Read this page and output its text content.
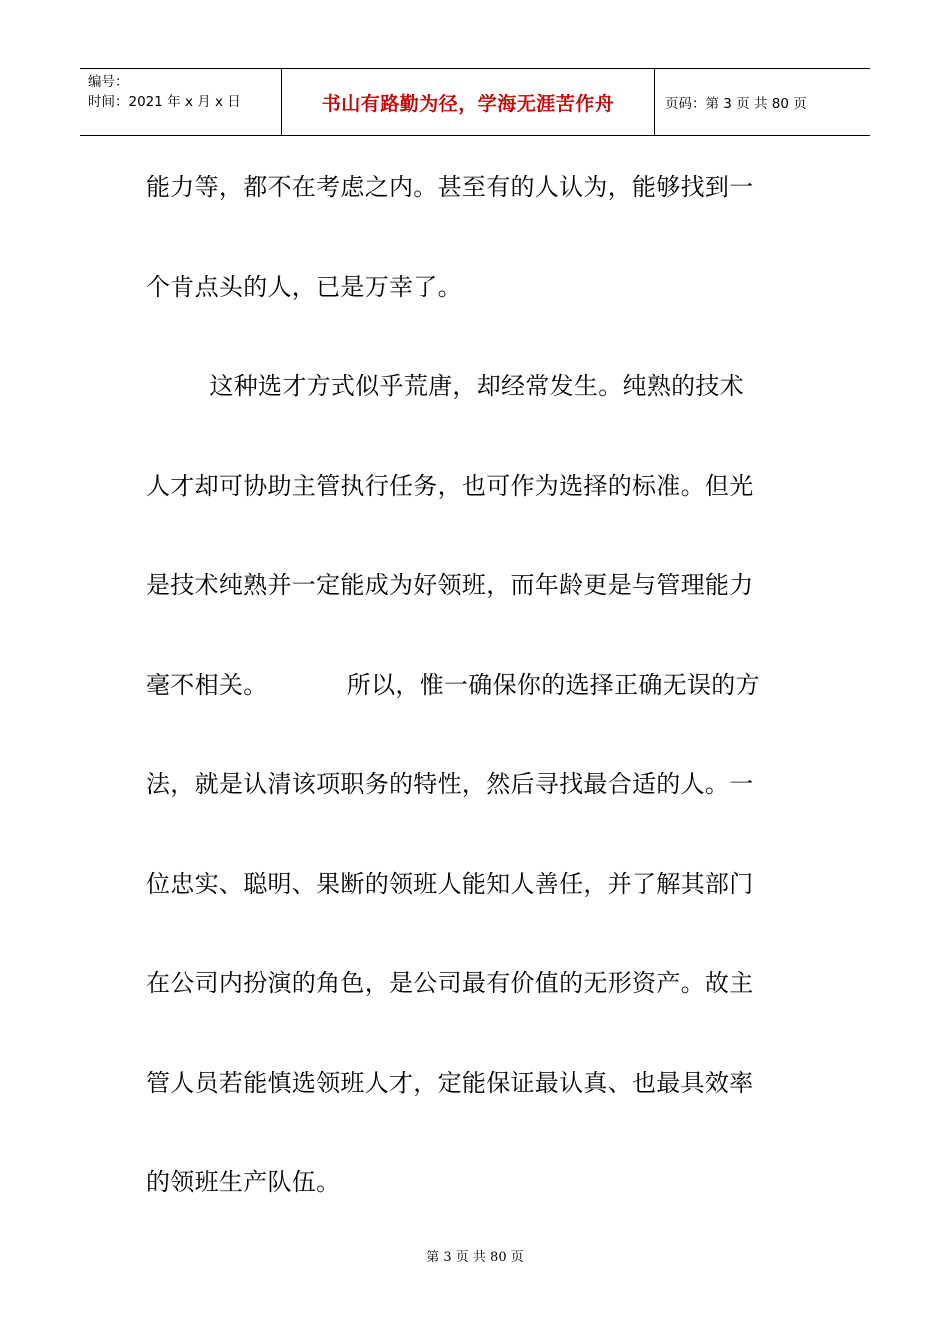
编号：
时间：2021 年 x 月 x 日	书山有路勤为径，学海无涯苦作舟	页码：第 3 页 共 80 页
能力等，都不在考虑之内。甚至有的人认为，能够找到一
个肯点头的人，已是万幸了。
这种选才方式似乎荒唐，却经常发生。纯熟的技术
人才却可协助主管执行任务，也可作为选择的标准。但光
是技术纯熟并一定能成为好领班，而年龄更是与管理能力
毫不相关。          所以，惟一确保你的选择正确无误的方
法，就是认清该项职务的特性，然后寻找最合适的人。一
位忠实、聪明、果断的领班人能知人善任，并了解其部门
在公司内扮演的角色，是公司最有价值的无形资产。故主
管人员若能慎选领班人才，定能保证最认真、也最具效率
的领班生产队伍。
第 3 页 共 80 页
